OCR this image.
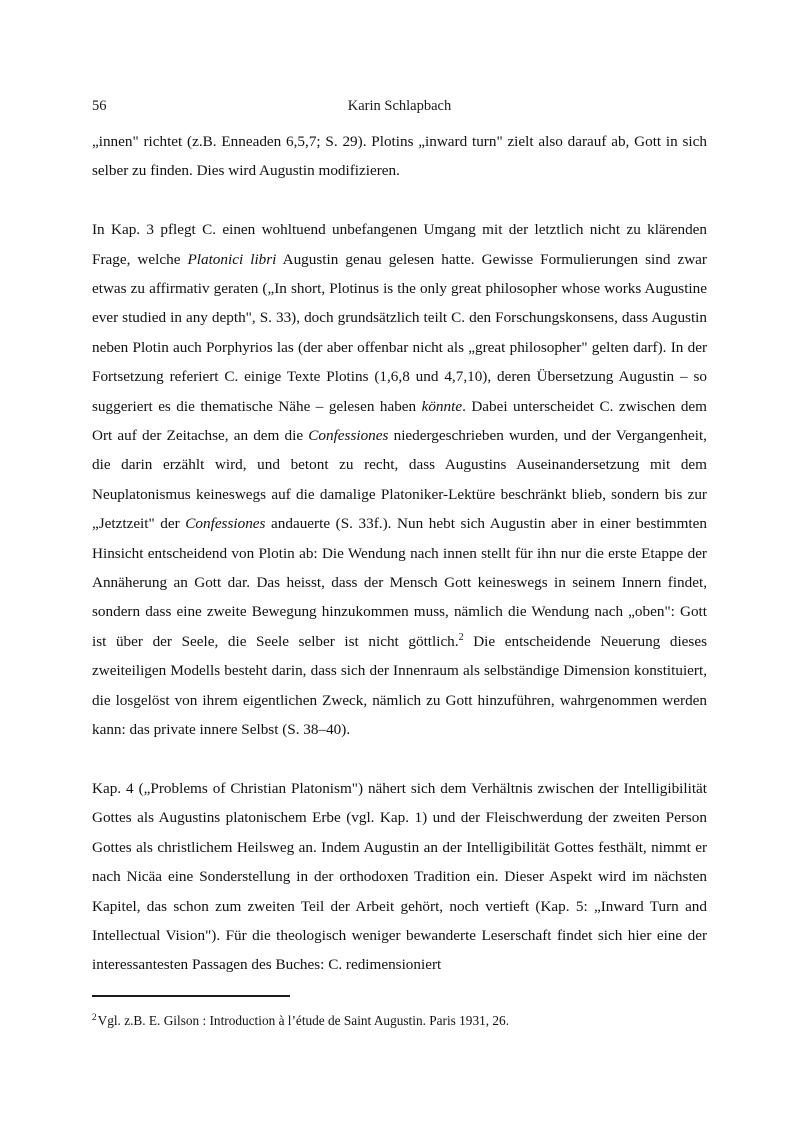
56	Karin Schlapbach

„innen" richtet (z.B. Enneaden 6,5,7; S. 29). Plotins „inward turn" zielt also darauf ab, Gott in sich selber zu finden. Dies wird Augustin modifizieren.

In Kap. 3 pflegt C. einen wohltuend unbefangenen Umgang mit der letztlich nicht zu klärenden Frage, welche Platonici libri Augustin genau gelesen hatte. Gewisse Formulierungen sind zwar etwas zu affirmativ geraten („In short, Plotinus is the only great philosopher whose works Augustine ever studied in any depth", S. 33), doch grundsätzlich teilt C. den Forschungskonsens, dass Augustin neben Plotin auch Porphyrios las (der aber offenbar nicht als „great philosopher" gelten darf). In der Fortsetzung referiert C. einige Texte Plotins (1,6,8 und 4,7,10), deren Übersetzung Augustin ‒ so suggeriert es die thematische Nähe ‒ gelesen haben könnte. Dabei unterscheidet C. zwischen dem Ort auf der Zeitachse, an dem die Confessiones niedergeschrieben wurden, und der Vergangenheit, die darin erzählt wird, und betont zu recht, dass Augustins Auseinandersetzung mit dem Neuplatonismus keineswegs auf die damalige Platoniker-Lektüre beschränkt blieb, sondern bis zur „Jetztzeit" der Confessiones andauerte (S. 33f.). Nun hebt sich Augustin aber in einer bestimmten Hinsicht entscheidend von Plotin ab: Die Wendung nach innen stellt für ihn nur die erste Etappe der Annäherung an Gott dar. Das heisst, dass der Mensch Gott keineswegs in seinem Innern findet, sondern dass eine zweite Bewegung hinzukommen muss, nämlich die Wendung nach „oben": Gott ist über der Seele, die Seele selber ist nicht göttlich.$^2$ Die entscheidende Neuerung dieses zweiteiligen Modells besteht darin, dass sich der Innenraum als selbständige Dimension konstituiert, die losgelöst von ihrem eigentlichen Zweck, nämlich zu Gott hinzuführen, wahrgenommen werden kann: das private innere Selbst (S. 38‒40).

Kap. 4 („Problems of Christian Platonism") nähert sich dem Verhältnis zwischen der Intelligibilität Gottes als Augustins platonischem Erbe (vgl. Kap. 1) und der Fleischwerdung der zweiten Person Gottes als christlichem Heilsweg an. Indem Augustin an der Intelligibilität Gottes festhält, nimmt er nach Nicäa eine Sonderstellung in der orthodoxen Tradition ein. Dieser Aspekt wird im nächsten Kapitel, das schon zum zweiten Teil der Arbeit gehört, noch vertieft (Kap. 5: „Inward Turn and Intellectual Vision"). Für die theologisch weniger bewanderte Leserschaft findet sich hier eine der interessantesten Passagen des Buches: C. redimensioniert

$^2$Vgl. z.B. E. Gilson : Introduction à l’étude de Saint Augustin. Paris 1931, 26.
